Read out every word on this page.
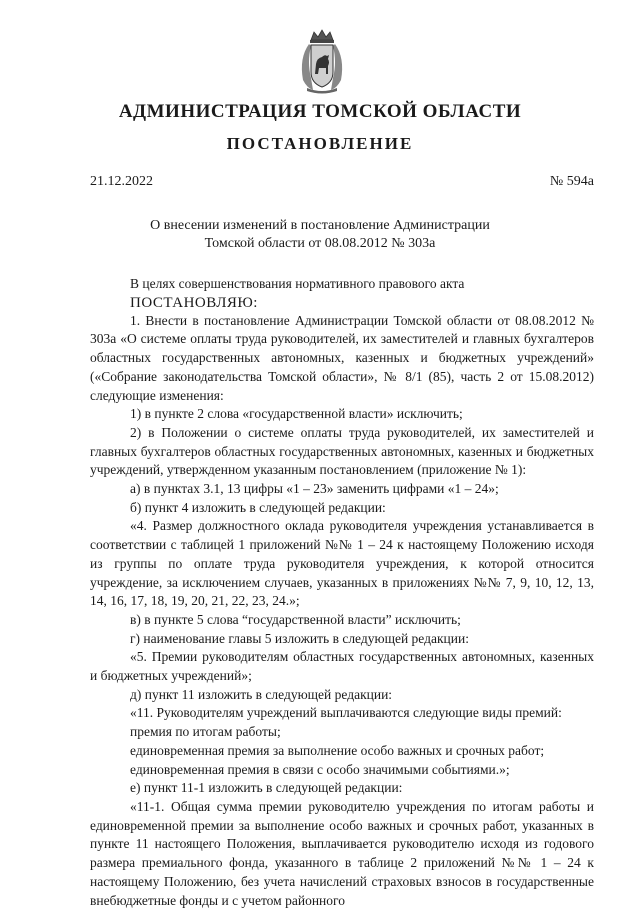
АДМИНИСТРАЦИЯ ТОМСКОЙ ОБЛАСТИ
ПОСТАНОВЛЕНИЕ
21.12.2022	№ 594а
О внесении изменений в постановление Администрации Томской области от 08.08.2012 № 303а

В целях совершенствования нормативного правового акта

ПОСТАНОВЛЯЮ:

1. Внести в постановление Администрации Томской области от 08.08.2012 № 303а «О системе оплаты труда руководителей, их заместителей и главных бухгалтеров областных государственных автономных, казенных и бюджетных учреждений» («Собрание законодательства Томской области», № 8/1 (85), часть 2 от 15.08.2012) следующие изменения:

1) в пункте 2 слова «государственной власти» исключить;

2) в Положении о системе оплаты труда руководителей, их заместителей и главных бухгалтеров областных государственных автономных, казенных и бюджетных учреждений, утвержденном указанным постановлением (приложение № 1):

а) в пунктах 3.1, 13 цифры «1 – 23» заменить цифрами «1 – 24»;

б) пункт 4 изложить в следующей редакции:

«4. Размер должностного оклада руководителя учреждения устанавливается в соответствии с таблицей 1 приложений №№ 1 – 24 к настоящему Положению исходя из группы по оплате труда руководителя учреждения, к которой относится учреждение, за исключением случаев, указанных в приложениях №№ 7, 9, 10, 12, 13, 14, 16, 17, 18, 19, 20, 21, 22, 23, 24.»;

в) в пункте 5 слова “государственной власти” исключить;

г) наименование главы 5 изложить в следующей редакции:

«5. Премии руководителям областных государственных автономных, казенных и бюджетных учреждений»;

д) пункт 11 изложить в следующей редакции:

«11. Руководителям учреждений выплачиваются следующие виды премий:

премия по итогам работы;

единовременная премия за выполнение особо важных и срочных работ;

единовременная премия в связи с особо значимыми событиями.»;

е) пункт 11-1 изложить в следующей редакции:

«11-1. Общая сумма премии руководителю учреждения по итогам работы и единовременной премии за выполнение особо важных и срочных работ, указанных в пункте 11 настоящего Положения, выплачивается руководителю исходя из годового размера премиального фонда, указанного в таблице 2 приложений №№ 1 – 24 к настоящему Положению, без учета начислений страховых взносов в государственные внебюджетные фонды и с учетом районного
